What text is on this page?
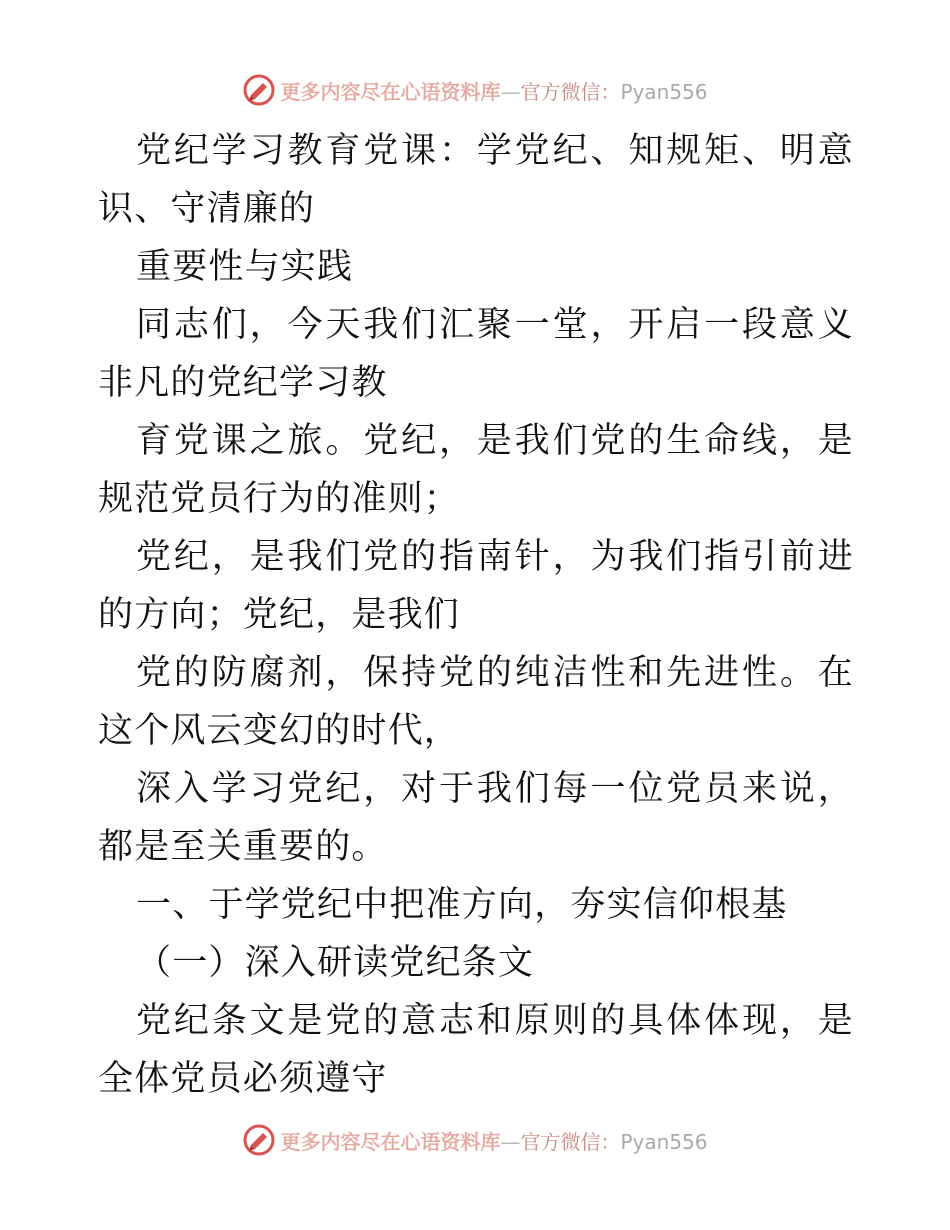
更多内容尽在心语资料库—官方微信：Pyan556

党纪学习教育党课：学党纪、知规矩、明意识、守清廉的

重要性与实践

同志们，今天我们汇聚一堂，开启一段意义非凡的党纪学习教

育党课之旅。党纪，是我们党的生命线，是规范党员行为的准则；

党纪，是我们党的指南针，为我们指引前进的方向；党纪，是我们

党的防腐剂，保持党的纯洁性和先进性。在这个风云变幻的时代，

深入学习党纪，对于我们每一位党员来说，都是至关重要的。

一、于学党纪中把准方向，夯实信仰根基

（一）深入研读党纪条文

党纪条文是党的意志和原则的具体体现，是全体党员必须遵守

更多内容尽在心语资料库—官方微信：Pyan556
